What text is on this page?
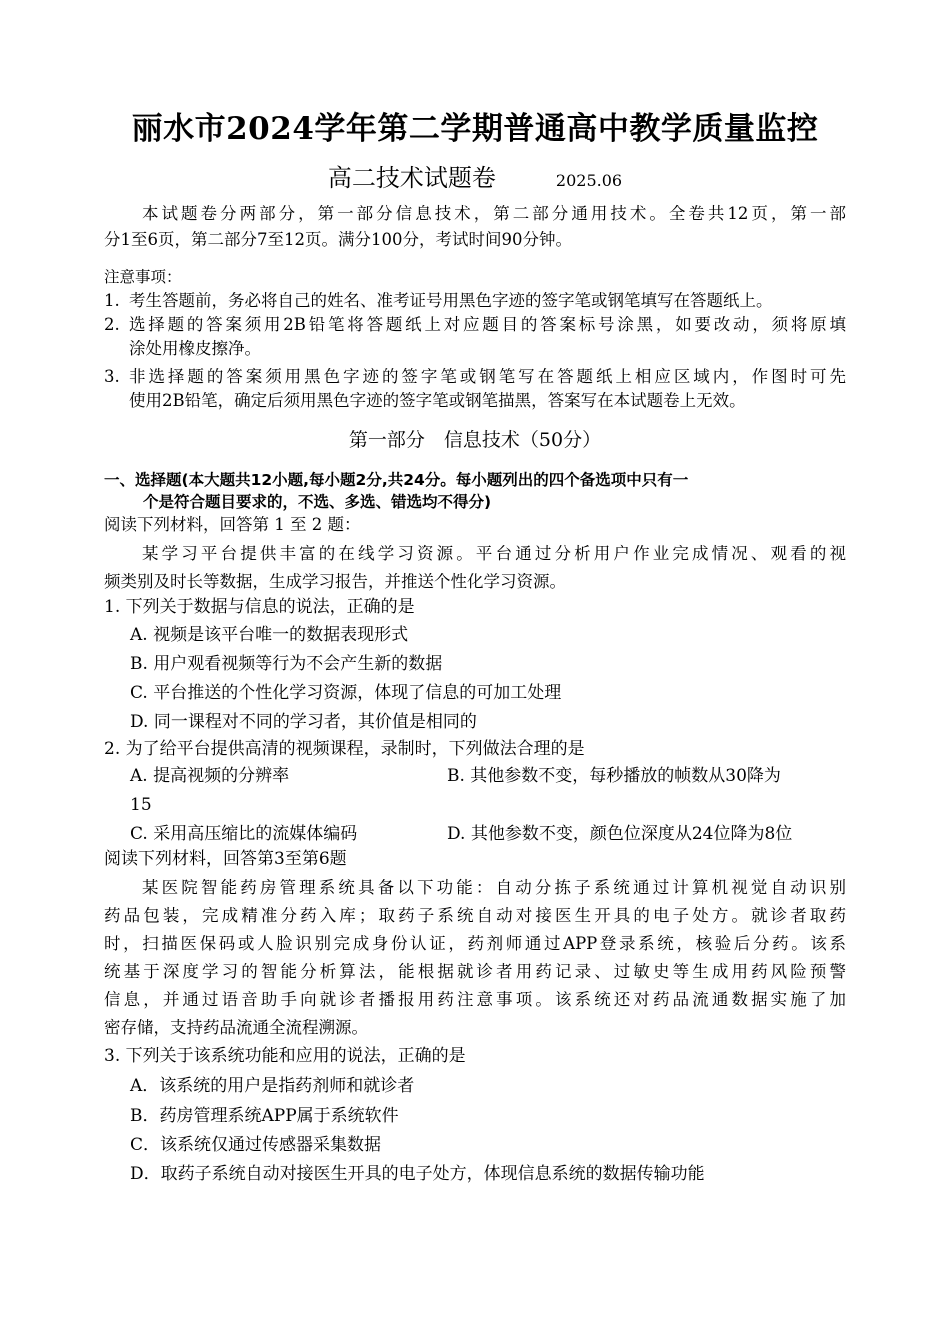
丽水市2024学年第二学期普通高中教学质量监控
高二技术试题卷	2025.06
本试题卷分两部分，第一部分信息技术，第二部分通用技术。全卷共12页，第一部
分1至6页，第二部分7至12页。满分100分，考试时间90分钟。
注意事项：
1. 考生答题前，务必将自己的姓名、准考证号用黑色字迹的签字笔或钢笔填写在答题纸上。
2. 选择题的答案须用2B铅笔将答题纸上对应题目的答案标号涂黑，如要改动，须将原填
涂处用橡皮擦净。
3. 非选择题的答案须用黑色字迹的签字笔或钢笔写在答题纸上相应区域内，作图时可先
使用2B铅笔，确定后须用黑色字迹的签字笔或钢笔描黑，答案写在本试题卷上无效。
第一部分　信息技术（50分）
一、选择题(本大题共12小题,每小题2分,共24分。每小题列出的四个备选项中只有一
个是符合题目要求的，不选、多选、错选均不得分)
阅读下列材料，回答第 1 至 2 题：
某学习平台提供丰富的在线学习资源。平台通过分析用户作业完成情况、观看的视
频类别及时长等数据，生成学习报告，并推送个性化学习资源。
1. 下列关于数据与信息的说法，正确的是
A. 视频是该平台唯一的数据表现形式
B. 用户观看视频等行为不会产生新的数据
C. 平台推送的个性化学习资源，体现了信息的可加工处理
D. 同一课程对不同的学习者，其价值是相同的
2. 为了给平台提供高清的视频课程，录制时，下列做法合理的是
A. 提高视频的分辨率	B. 其他参数不变，每秒播放的帧数从30降为
15
C. 采用高压缩比的流媒体编码	D. 其他参数不变，颜色位深度从24位降为8位
阅读下列材料，回答第3至第6题
某医院智能药房管理系统具备以下功能：自动分拣子系统通过计算机视觉自动识别
药品包装，完成精准分药入库；取药子系统自动对接医生开具的电子处方。就诊者取药
时，扫描医保码或人脸识别完成身份认证，药剂师通过APP登录系统，核验后分药。该系
统基于深度学习的智能分析算法，能根据就诊者用药记录、过敏史等生成用药风险预警
信息，并通过语音助手向就诊者播报用药注意事项。该系统还对药品流通数据实施了加
密存储，支持药品流通全流程溯源。
3. 下列关于该系统功能和应用的说法，正确的是
A．该系统的用户是指药剂师和就诊者
B．药房管理系统APP属于系统软件
C．该系统仅通过传感器采集数据
D．取药子系统自动对接医生开具的电子处方，体现信息系统的数据传输功能
